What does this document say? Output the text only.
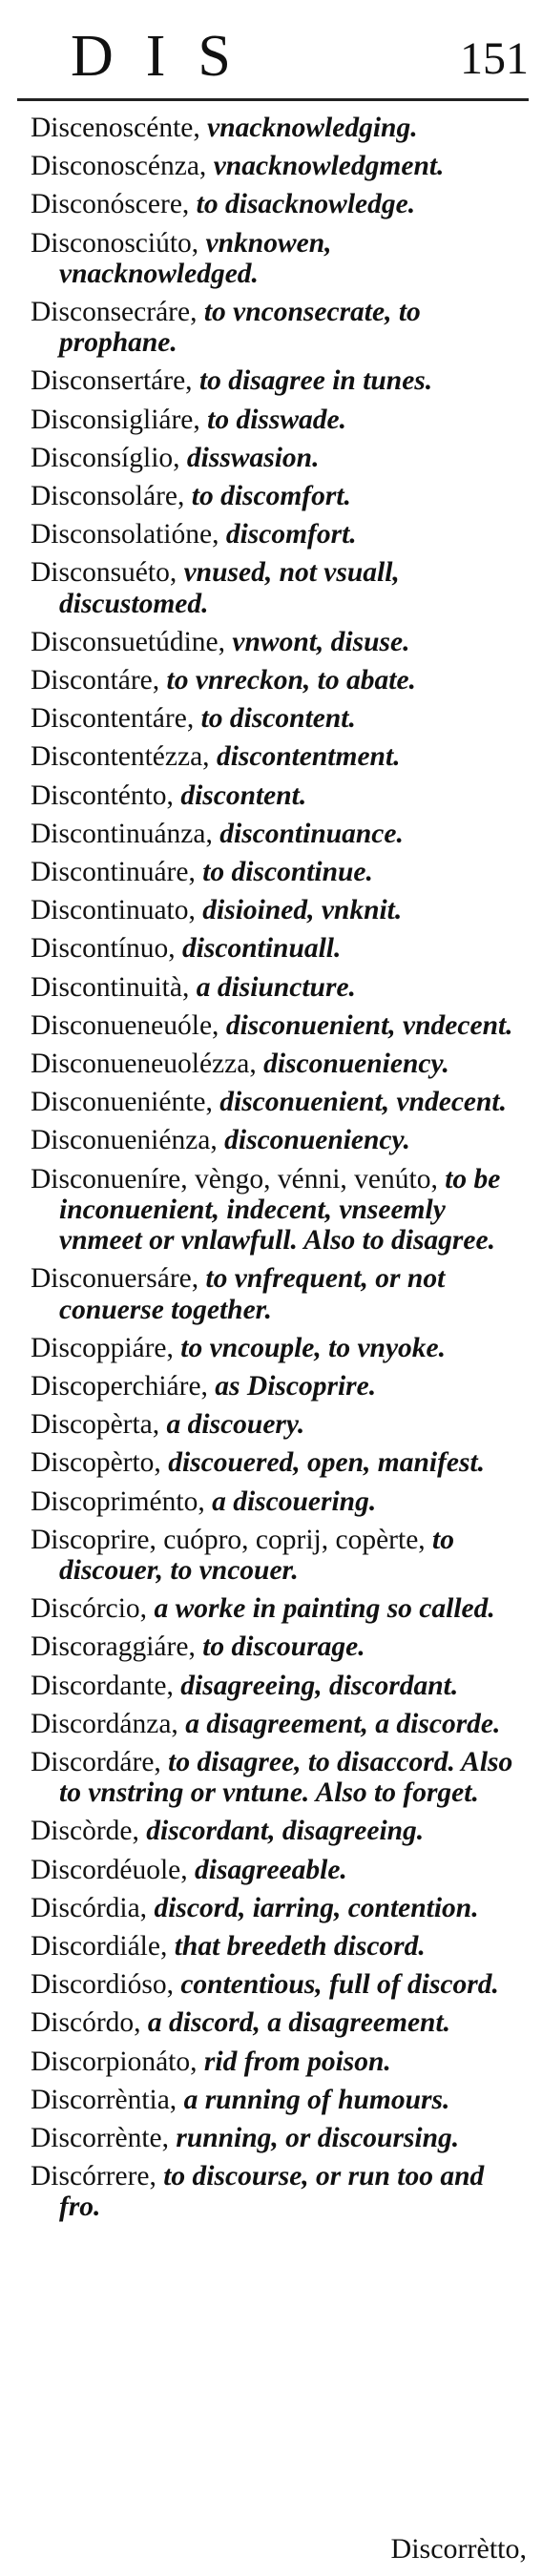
DIS	151
Discenoscénte, vnacknowledging.
Disconoscénza, vnacknowledgment.
Disconóscere, to disacknowledge.
Disconosciúto, vnknowen, vnacknowledged.
Disconsecráre, to vnconsecrate, to prophane.
Disconsertáre, to disagree in tunes.
Disconsigliáre, to disswade.
Disconsíglio, disswasion.
Disconsoláre, to discomfort.
Disconsolatióne, discomfort.
Disconsuéto, vnused, not vsuall, discustomed.
Disconsuetúdine, vnwont, disuse.
Discontáre, to vnreckon, to abate.
Discontentáre, to discontent.
Discontentézza, discontentment.
Disconténto, discontent.
Discontinuánza, discontinuance.
Discontinuáre, to discontinue.
Discontinuato, disioined, vnknit.
Discontínuo, discontinuall.
Discontinuità, a disiuncture.
Disconueneuóle, disconuenient, vndecent.
Disconueneuolézza, disconueniency.
Disconueniénte, disconuenient, vndecent.
Disconueniénza, disconueniency.
Disconueníre, vèngo, vénni, venúto, to be inconuenient, indecent, vnseemly vnmeet or vnlawfull. Also to disagree.
Disconuersáre, to vnfrequent, or not conuerse together.
Discoppiáre, to vncouple, to vnyoke.
Discoperchiáre, as Discoprire.
Discopèrta, a discouery.
Discopèrto, discouered, open, manifest.
Discopriménto, a discouering.
Discoprire, cuópro, coprij, copèrte, to discouer, to vncouer.
Discórcio, a worke in painting so called.
Discoraggiáre, to discourage.
Discordante, disagreeing, discordant.
Discordánza, a disagreement, a discorde.
Discordáre, to disagree, to disaccord. Also to vnstring or vntune. Also to forget.
Discòrde, discordant, disagreeing.
Discordéuole, disagreeable.
Discórdia, discord, iarring, contention.
Discordiále, that breedeth discord.
Discordióso, contentious, full of discord.
Discórdo, a discord, a disagreement.
Discorpionáto, rid from poison.
Discorrèntia, a running of humours.
Discorrènte, running, or discoursing.
Discórrere, to discourse, or run too and fro.
Discorrètto,
